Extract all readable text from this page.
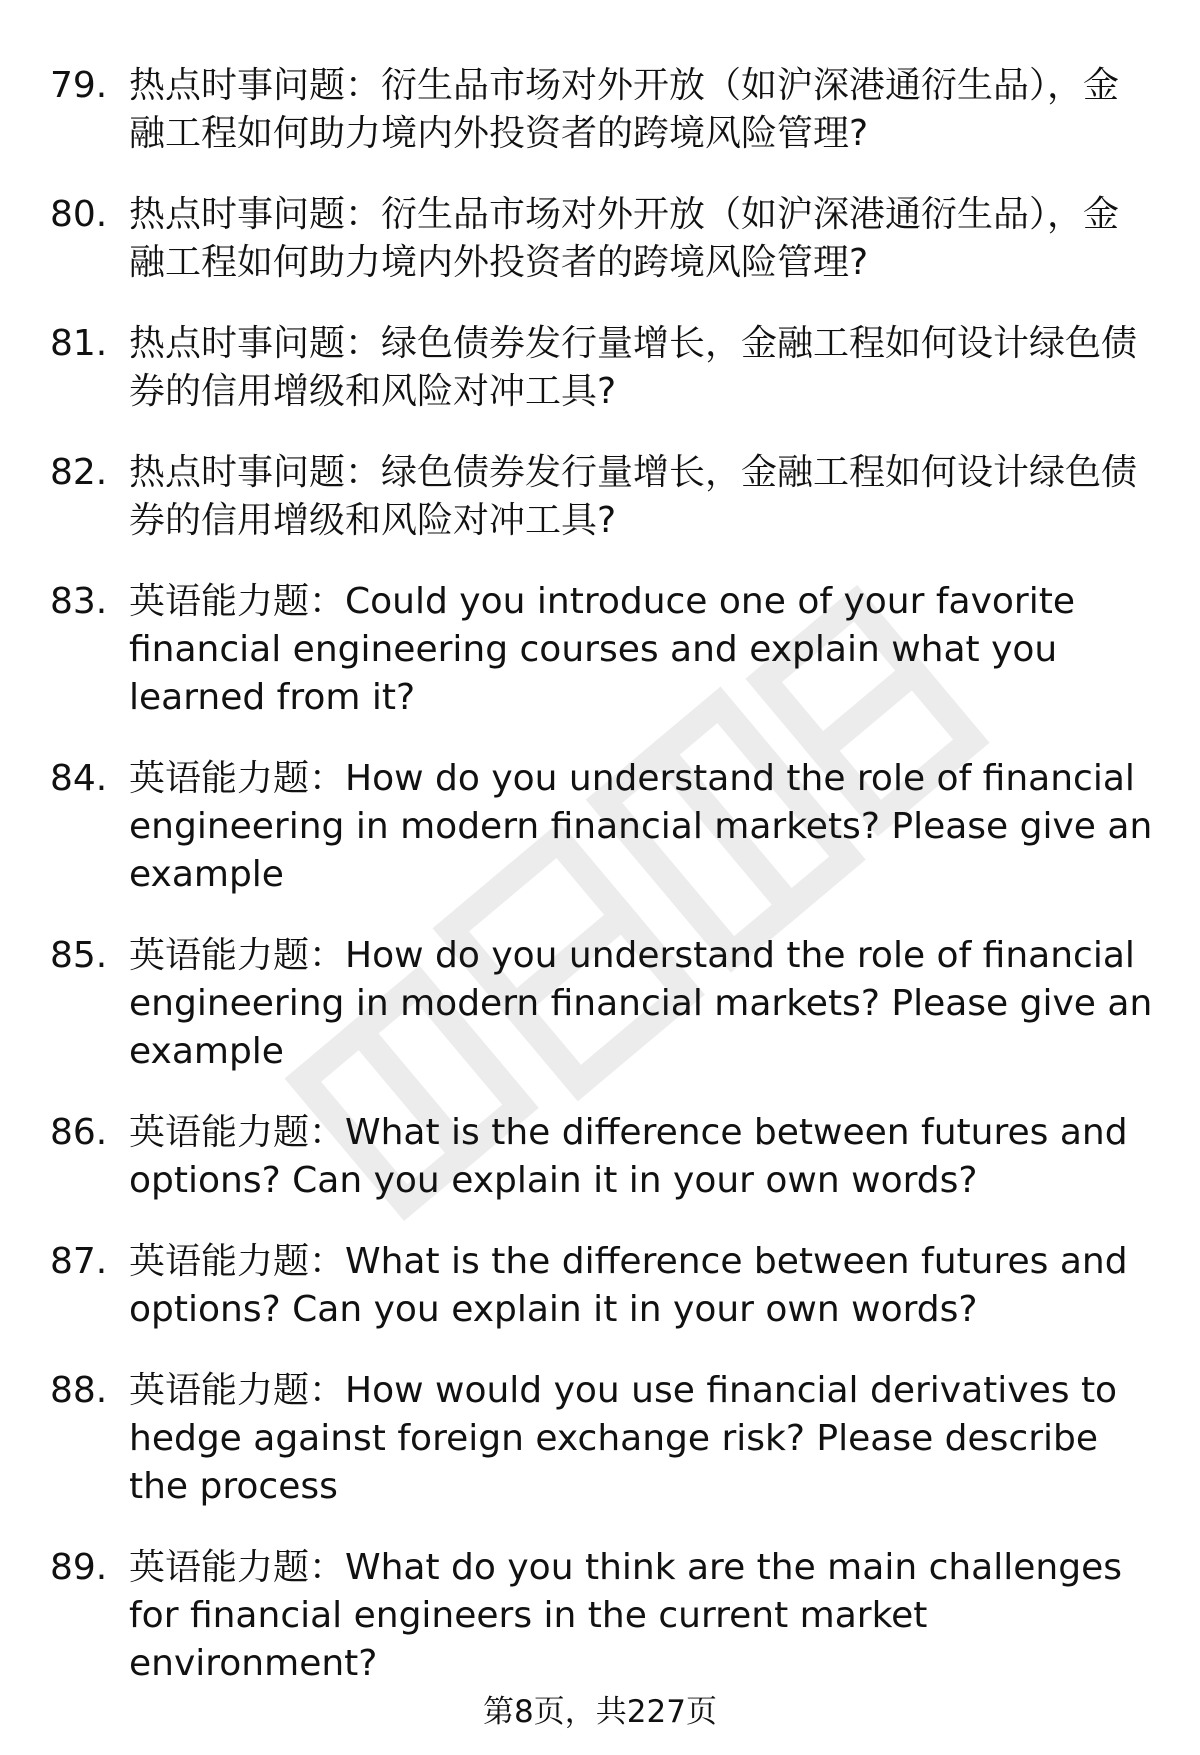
79. 热点时事问题：衍生品市场对外开放（如沪深港通衍生品），金融工程如何助力境内外投资者的跨境风险管理?
80. 热点时事问题：衍生品市场对外开放（如沪深港通衍生品），金融工程如何助力境内外投资者的跨境风险管理?
81. 热点时事问题：绿色债券发行量增长，金融工程如何设计绿色债券的信用增级和风险对冲工具?
82. 热点时事问题：绿色债券发行量增长，金融工程如何设计绿色债券的信用增级和风险对冲工具?
83. 英语能力题：Could you introduce one of your favorite financial engineering courses and explain what you learned from it?
84. 英语能力题：How do you understand the role of financial engineering in modern financial markets? Please give an example
85. 英语能力题：How do you understand the role of financial engineering in modern financial markets? Please give an example
86. 英语能力题：What is the difference between futures and options? Can you explain it in your own words?
87. 英语能力题：What is the difference between futures and options? Can you explain it in your own words?
88. 英语能力题：How would you use financial derivatives to hedge against foreign exchange risk? Please describe the process
89. 英语能力题：What do you think are the main challenges for financial engineers in the current market environment?
第8页，共227页
